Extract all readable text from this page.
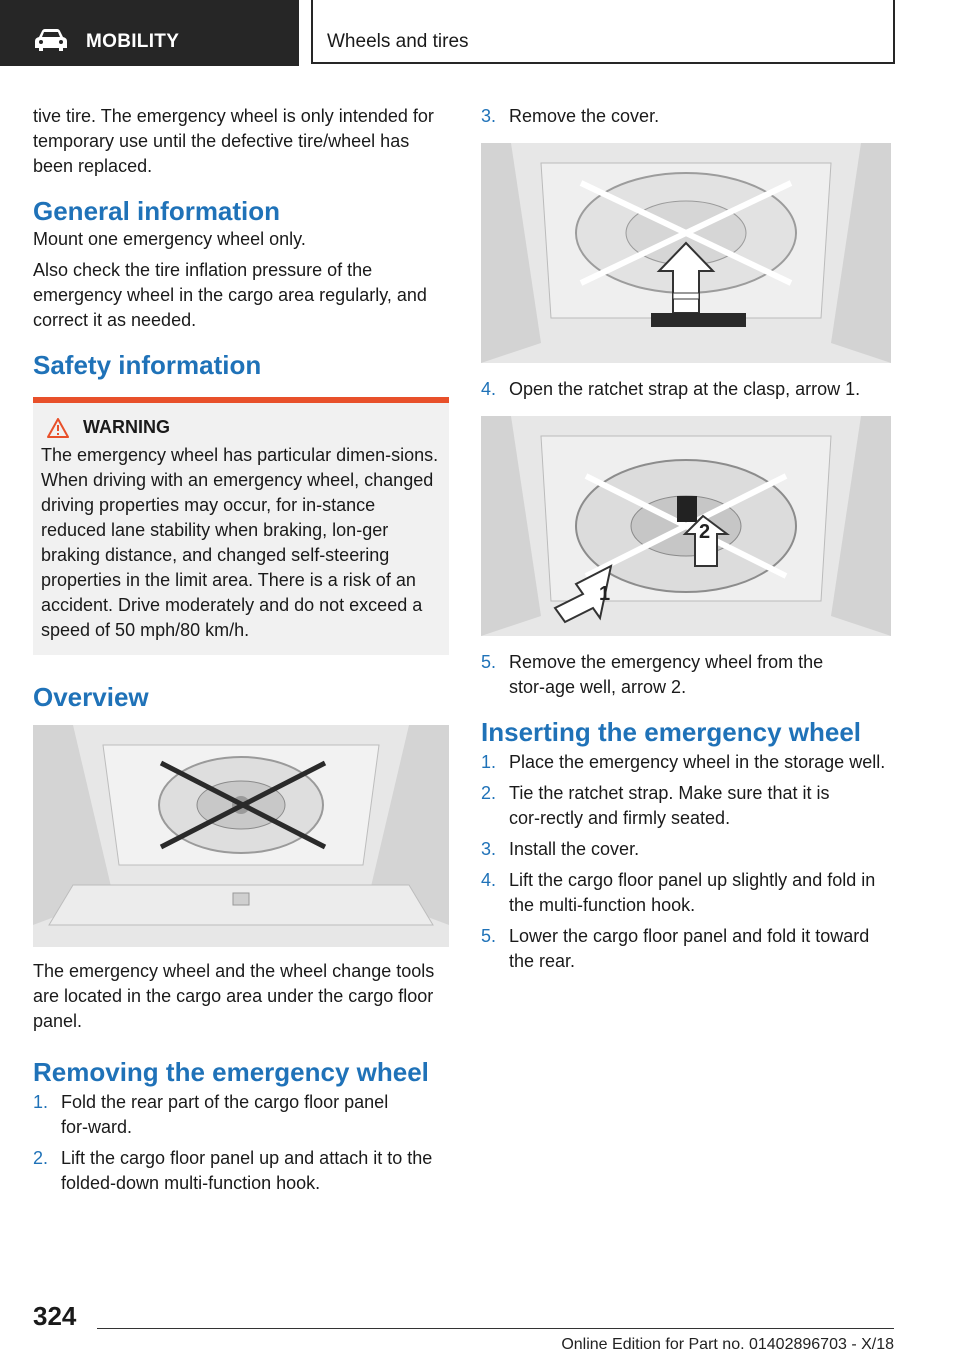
MOBILITY	Wheels and tires

tive tire. The emergency wheel is only intended for temporary use until the defective tire/wheel has been replaced.

General information

Mount one emergency wheel only.

Also check the tire inflation pressure of the emergency wheel in the cargo area regularly, and correct it as needed.

Safety information
WARNING

The emergency wheel has particular dimen‑sions. When driving with an emergency wheel, changed driving properties may occur, for in‑stance reduced lane stability when braking, lon‑ger braking distance, and changed self‑steering properties in the limit area. There is a risk of an accident. Drive moderately and do not exceed a speed of 50 mph/80 km/h.

Overview

The emergency wheel and the wheel change tools are located in the cargo area under the cargo floor panel.

Removing the emergency wheel
1. Fold the rear part of the cargo floor panel for‑ward.
2. Lift the cargo floor panel up and attach it to the folded-down multi-function hook.
3. Remove the cover.
4. Open the ratchet strap at the clasp, arrow 1.
1
2
5. Remove the emergency wheel from the stor‑age well, arrow 2.
Inserting the emergency wheel
1. Place the emergency wheel in the storage well.
2. Tie the ratchet strap. Make sure that it is cor‑rectly and firmly seated.
3. Install the cover.
4. Lift the cargo floor panel up slightly and fold in the multi-function hook.
5. Lower the cargo floor panel and fold it toward the rear.
324
Online Edition for Part no. 01402896703 - X/18
